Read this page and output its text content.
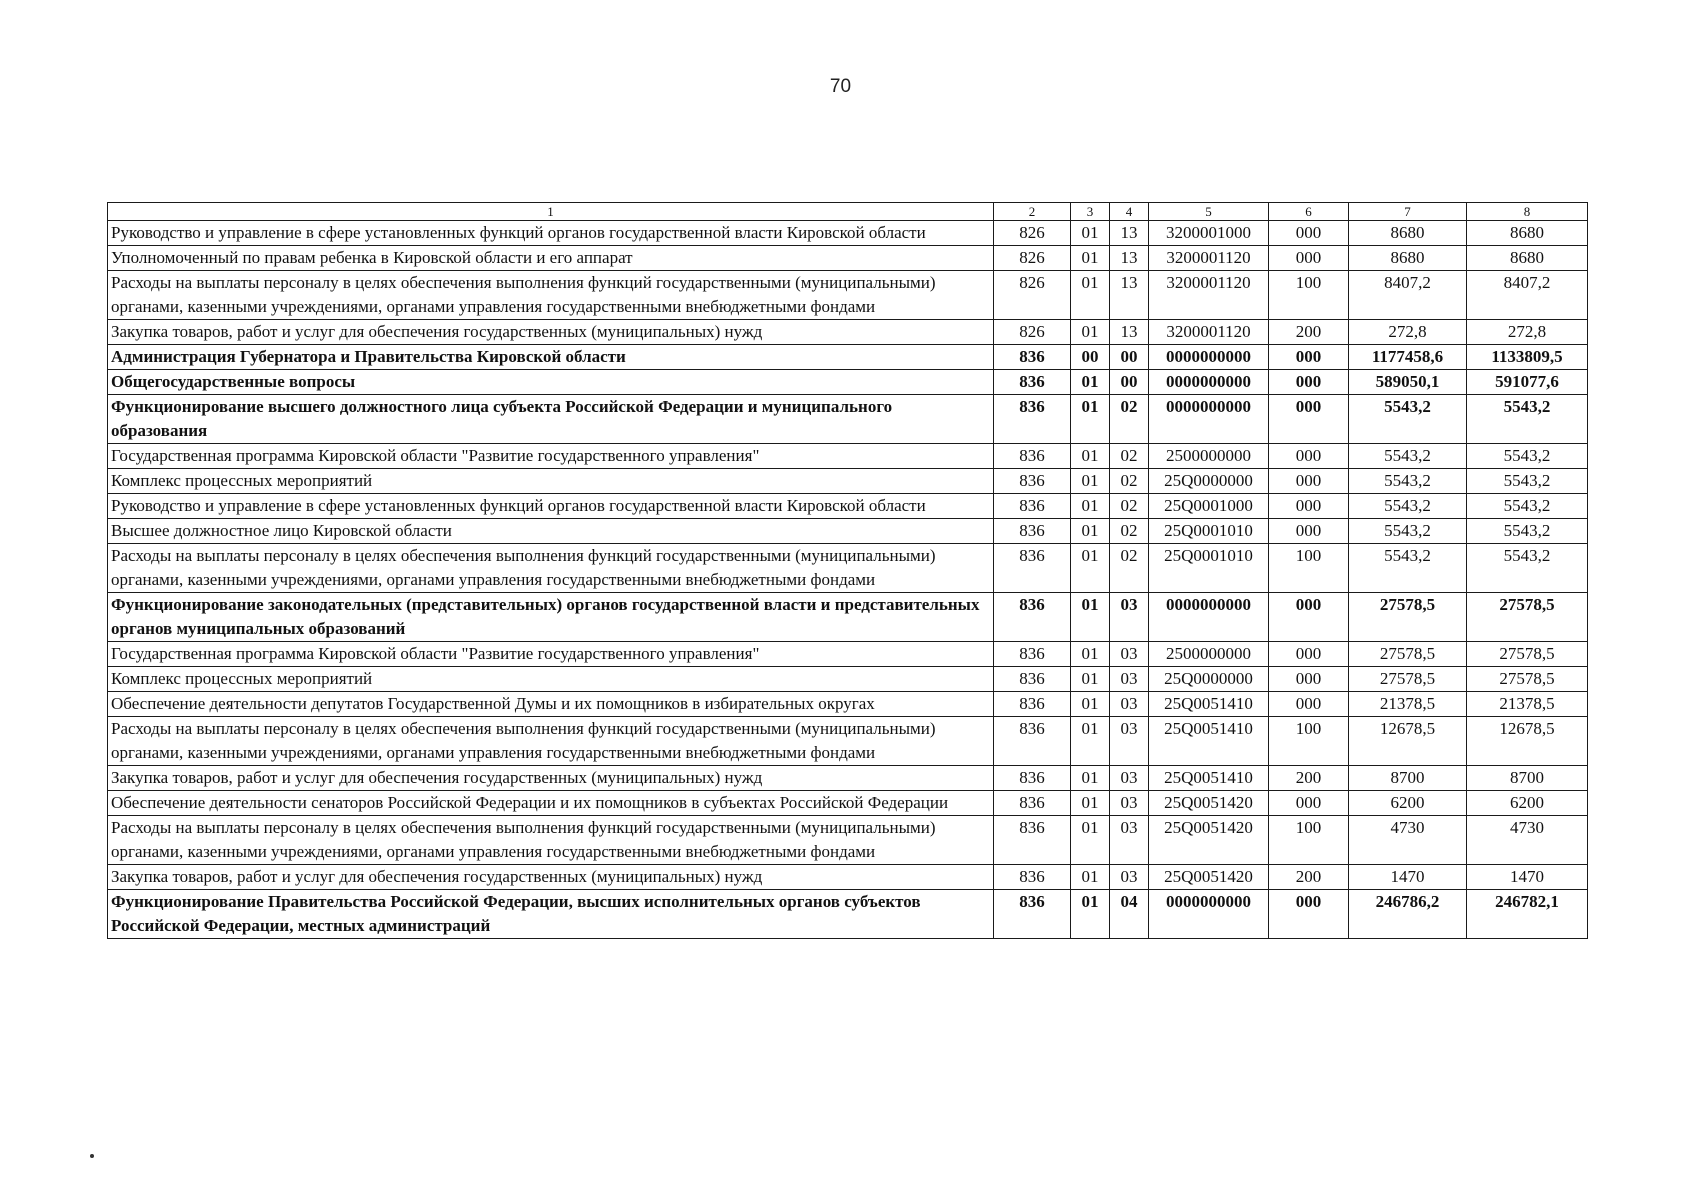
70
1	2	3	4	5	6	7	8
Руководство и управление в сфере установленных функций органов государственной власти Кировской области	826	01	13	3200001000	000	8680	8680
Уполномоченный по правам ребенка в Кировской области и его аппарат	826	01	13	3200001120	000	8680	8680
Расходы на выплаты персоналу в целях обеспечения выполнения функций государственными (муниципальными) органами, казенными учреждениями, органами управления государственными внебюджетными фондами	826	01	13	3200001120	100	8407,2	8407,2
Закупка товаров, работ и услуг для обеспечения государственных (муниципальных) нужд	826	01	13	3200001120	200	272,8	272,8
Администрация Губернатора и Правительства Кировской области	836	00	00	0000000000	000	1177458,6	1133809,5
Общегосударственные вопросы	836	01	00	0000000000	000	589050,1	591077,6
Функционирование высшего должностного лица субъекта Российской Федерации и муниципального образования	836	01	02	0000000000	000	5543,2	5543,2
Государственная программа Кировской области "Развитие государственного управления"	836	01	02	2500000000	000	5543,2	5543,2
Комплекс процессных мероприятий	836	01	02	25Q0000000	000	5543,2	5543,2
Руководство и управление в сфере установленных функций органов государственной власти Кировской области	836	01	02	25Q0001000	000	5543,2	5543,2
Высшее должностное лицо Кировской области	836	01	02	25Q0001010	000	5543,2	5543,2
Расходы на выплаты персоналу в целях обеспечения выполнения функций государственными (муниципальными) органами, казенными учреждениями, органами управления государственными внебюджетными фондами	836	01	02	25Q0001010	100	5543,2	5543,2
Функционирование законодательных (представительных) органов государственной власти и представительных органов муниципальных образований	836	01	03	0000000000	000	27578,5	27578,5
Государственная программа Кировской области "Развитие государственного управления"	836	01	03	2500000000	000	27578,5	27578,5
Комплекс процессных мероприятий	836	01	03	25Q0000000	000	27578,5	27578,5
Обеспечение деятельности депутатов Государственной Думы и их помощников в избирательных округах	836	01	03	25Q0051410	000	21378,5	21378,5
Расходы на выплаты персоналу в целях обеспечения выполнения функций государственными (муниципальными) органами, казенными учреждениями, органами управления государственными внебюджетными фондами	836	01	03	25Q0051410	100	12678,5	12678,5
Закупка товаров, работ и услуг для обеспечения государственных (муниципальных) нужд	836	01	03	25Q0051410	200	8700	8700
Обеспечение деятельности сенаторов Российской Федерации и их помощников в субъектах Российской Федерации	836	01	03	25Q0051420	000	6200	6200
Расходы на выплаты персоналу в целях обеспечения выполнения функций государственными (муниципальными) органами, казенными учреждениями, органами управления государственными внебюджетными фондами	836	01	03	25Q0051420	100	4730	4730
Закупка товаров, работ и услуг для обеспечения государственных (муниципальных) нужд	836	01	03	25Q0051420	200	1470	1470
Функционирование Правительства Российской Федерации, высших исполнительных органов субъектов Российской Федерации, местных администраций	836	01	04	0000000000	000	246786,2	246782,1
